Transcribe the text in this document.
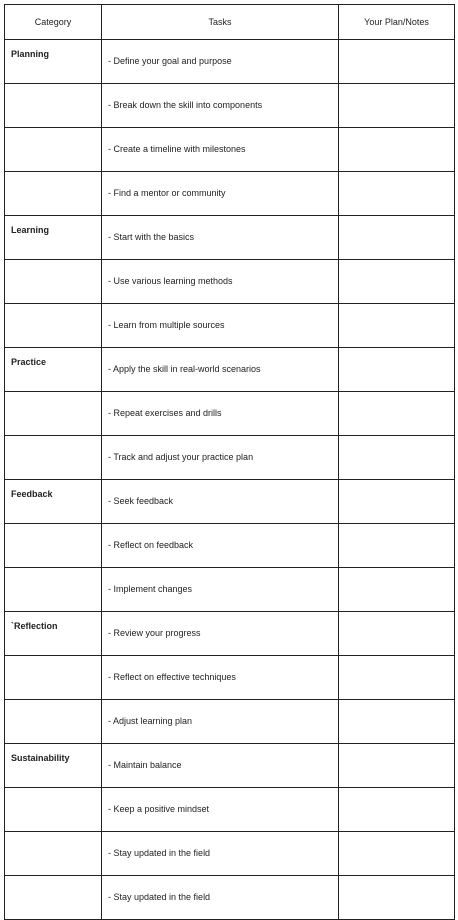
Category	Tasks	Your Plan/Notes
Planning	- Define your goal and purpose	
	- Break down the skill into components	
	- Create a timeline with milestones	
	- Find a mentor or community	
Learning	- Start with the basics	
	- Use various learning methods	
	- Learn from multiple sources	
Practice	- Apply the skill in real-world scenarios	
	- Repeat exercises and drills	
	- Track and adjust your practice plan	
Feedback	- Seek feedback	
	- Reflect on feedback	
	- Implement changes	
`Reflection	- Review your progress	
	- Reflect on effective techniques	
	- Adjust learning plan	
Sustainability	- Maintain balance	
	- Keep a positive mindset	
	- Stay updated in the field	
	- Stay updated in the field	
